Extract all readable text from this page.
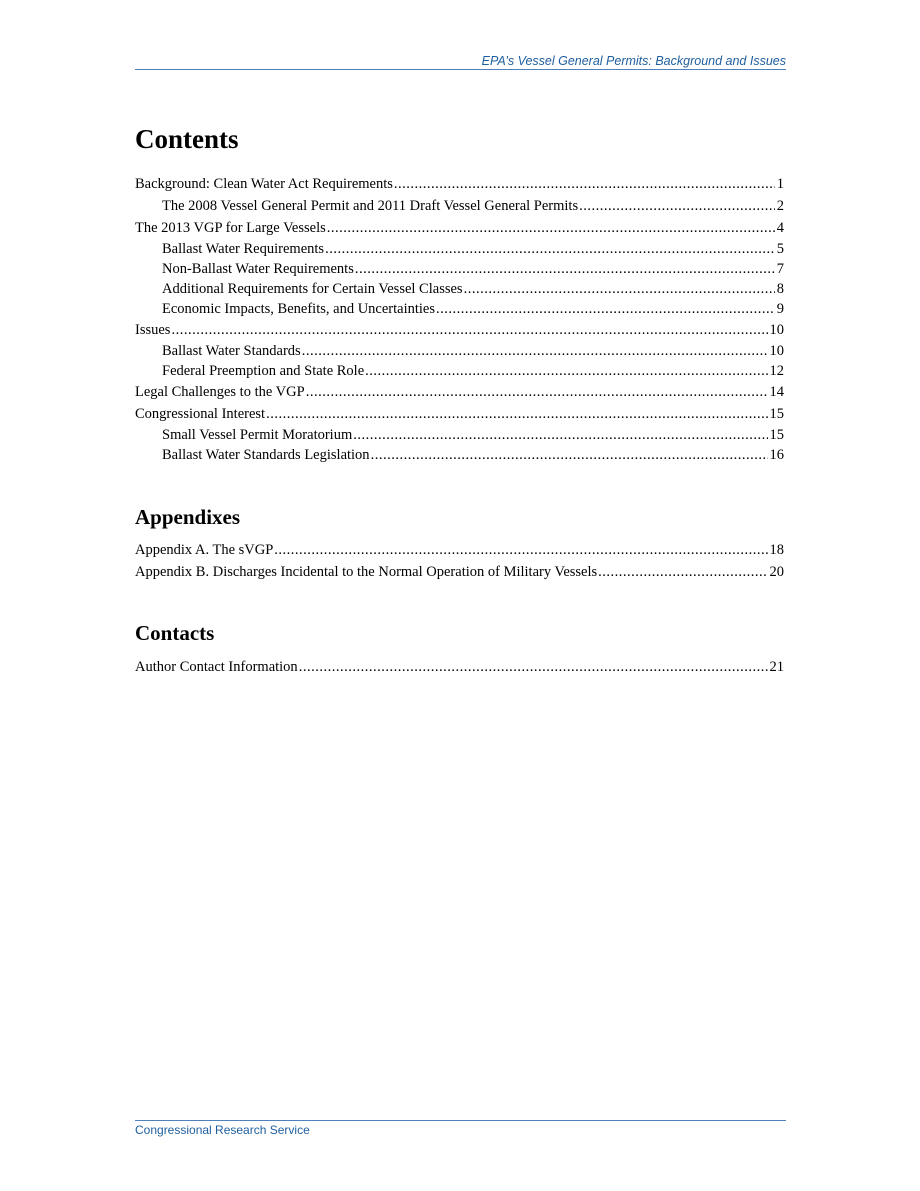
EPA’s Vessel General Permits: Background and Issues
Contents
Background: Clean Water Act Requirements .....	1
The 2008 Vessel General Permit and 2011 Draft Vessel General Permits .....	2
The 2013 VGP for Large Vessels .....	4
Ballast Water Requirements .....	5
Non-Ballast Water Requirements .....	7
Additional Requirements for Certain Vessel Classes .....	8
Economic Impacts, Benefits, and Uncertainties .....	9
Issues .....	10
Ballast Water Standards .....	10
Federal Preemption and State Role .....	12
Legal Challenges to the VGP .....	14
Congressional Interest .....	15
Small Vessel Permit Moratorium .....	15
Ballast Water Standards Legislation .....	16
Appendixes
Appendix A. The sVGP .....	18
Appendix B. Discharges Incidental to the Normal Operation of Military Vessels .....	20
Contacts
Author Contact Information .....	21
Congressional Research Service
